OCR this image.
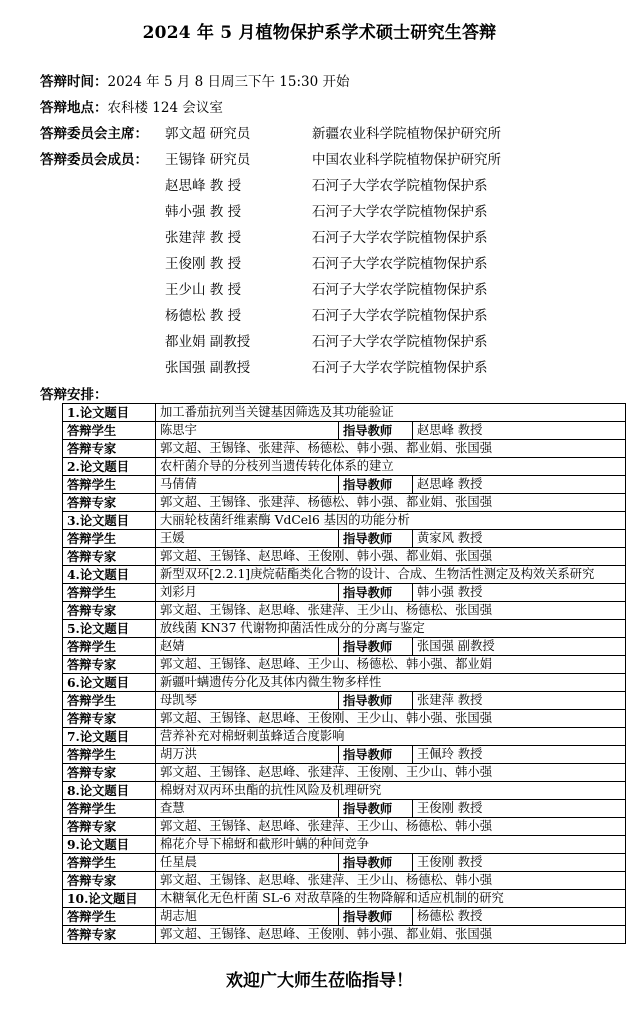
2024 年 5 月植物保护系学术硕士研究生答辩
答辩时间：2024 年 5 月 8 日周三下午 15:30 开始
答辩地点：农科楼 124 会议室
答辩委员会主席：	郭文超 研究员	新疆农业科学院植物保护研究所
答辩委员会成员：	王锡锋 研究员	中国农业科学院植物保护研究所
赵思峰 教 授	石河子大学农学院植物保护系
韩小强 教 授	石河子大学农学院植物保护系
张建萍 教 授	石河子大学农学院植物保护系
王俊刚 教 授	石河子大学农学院植物保护系
王少山 教 授	石河子大学农学院植物保护系
杨德松 教 授	石河子大学农学院植物保护系
都业娟 副教授	石河子大学农学院植物保护系
张国强 副教授	石河子大学农学院植物保护系
答辩安排：
1.论文题目	加工番茄抗列当关键基因筛选及其功能验证		
答辩学生	陈思宇	指导教师	赵思峰 教授
答辩专家	郭文超、王锡锋、张建萍、杨德松、韩小强、都业娟、张国强		
2.论文题目	农杆菌介导的分枝列当遗传转化体系的建立		
答辩学生	马倩倩	指导教师	赵思峰 教授
答辩专家	郭文超、王锡锋、张建萍、杨德松、韩小强、都业娟、张国强		
3.论文题目	大丽轮枝菌纤维素酶 VdCel6 基因的功能分析		
答辩学生	王媛	指导教师	黄家风 教授
答辩专家	郭文超、王锡锋、赵思峰、王俊刚、韩小强、都业娟、张国强		
4.论文题目	新型双环[2.2.1]庚烷萜酯类化合物的设计、合成、生物活性测定及构效关系研究		
答辩学生	刘彩月	指导教师	韩小强 教授
答辩专家	郭文超、王锡锋、赵思峰、张建萍、王少山、杨德松、张国强		
5.论文题目	放线菌 KN37 代谢物抑菌活性成分的分离与鉴定		
答辩学生	赵婧	指导教师	张国强 副教授
答辩专家	郭文超、王锡锋、赵思峰、王少山、杨德松、韩小强、都业娟		
6.论文题目	新疆叶螨遗传分化及其体内微生物多样性		
答辩学生	母凯琴	指导教师	张建萍 教授
答辩专家	郭文超、王锡锋、赵思峰、王俊刚、王少山、韩小强、张国强		
7.论文题目	营养补充对棉蚜刺茧蜂适合度影响		
答辩学生	胡万洪	指导教师	王佩玲 教授
答辩专家	郭文超、王锡锋、赵思峰、张建萍、王俊刚、王少山、韩小强		
8.论文题目	棉蚜对双丙环虫酯的抗性风险及机理研究		
答辩学生	查慧	指导教师	王俊刚 教授
答辩专家	郭文超、王锡锋、赵思峰、张建萍、王少山、杨德松、韩小强		
9.论文题目	棉花介导下棉蚜和截形叶螨的种间竞争		
答辩学生	任星晨	指导教师	王俊刚 教授
答辩专家	郭文超、王锡锋、赵思峰、张建萍、王少山、杨德松、韩小强		
10.论文题目	木糖氧化无色杆菌 SL-6 对敌草隆的生物降解和适应机制的研究		
答辩学生	胡志旭	指导教师	杨德松 教授
答辩专家	郭文超、王锡锋、赵思峰、王俊刚、韩小强、都业娟、张国强		
欢迎广大师生莅临指导！
